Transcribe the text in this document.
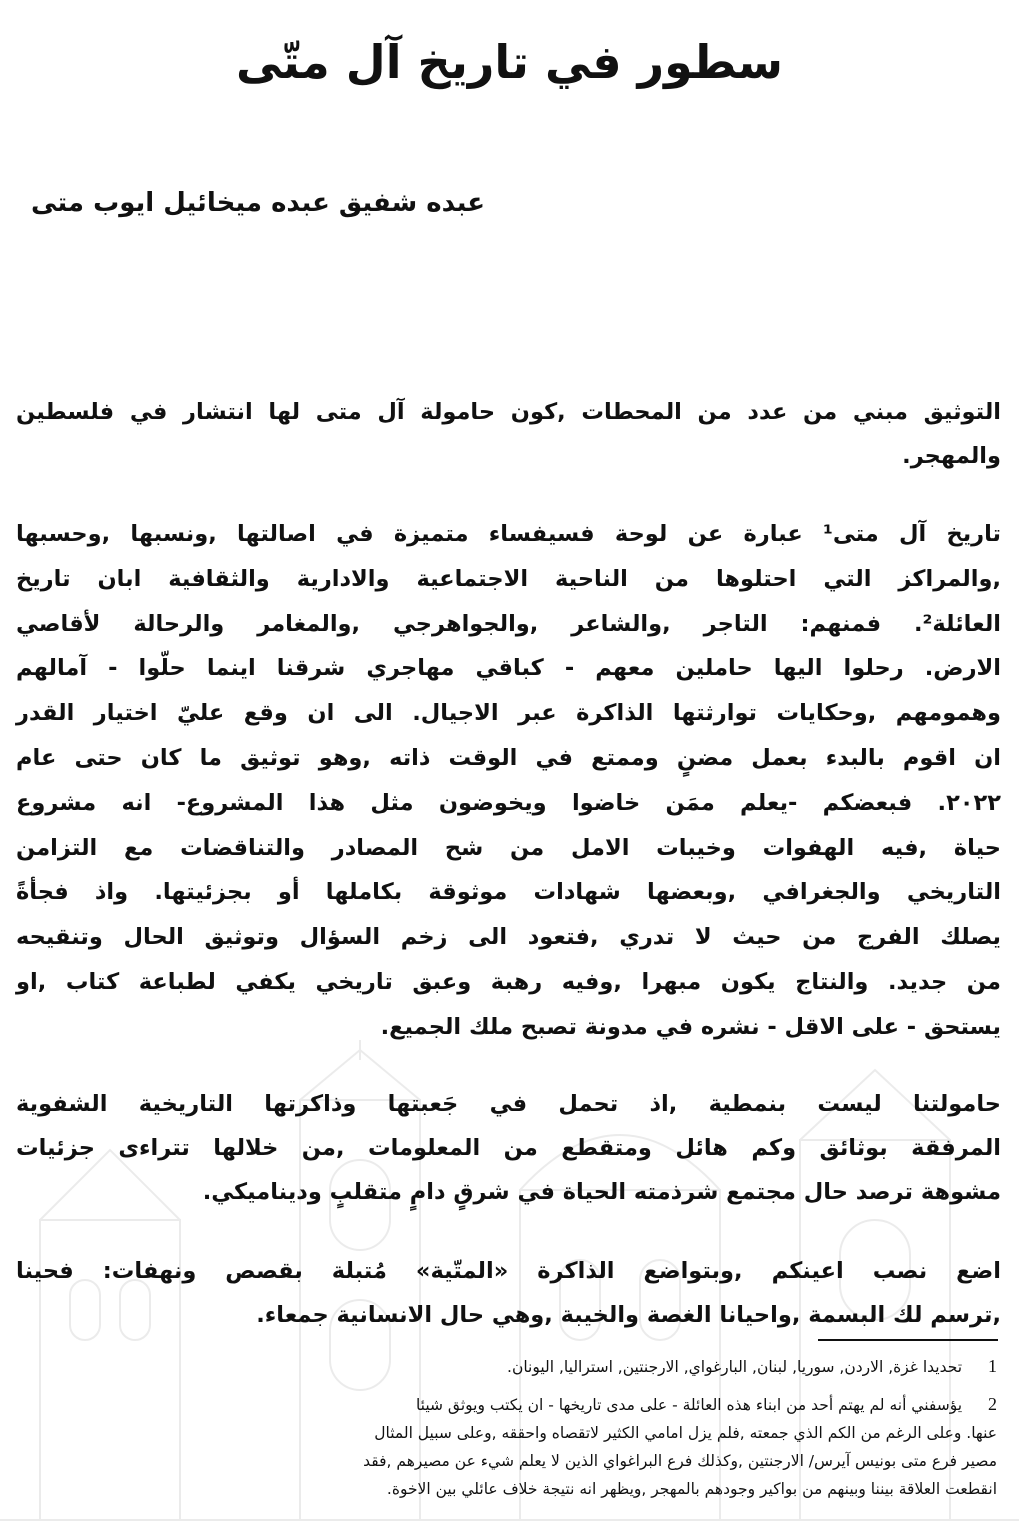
سطور في تاريخ آل متّى
عبده شفيق عبده ميخائيل ايوب متى

التوثيق مبني من عدد من المحطات ,كون حامولة آل متى لها انتشار في فلسطين
والمهجر.

تاريخ آل متى¹ عبارة عن لوحة فسيفساء متميزة في اصالتها ,ونسبها ,وحسبها
,والمراكز التي احتلوها من الناحية الاجتماعية والادارية والثقافية ابان تاريخ
العائلة². فمنهم: التاجر ,والشاعر ,والجواهرجي ,والمغامر والرحالة لأقاصي
الارض. رحلوا اليها حاملين معهم - كباقي مهاجري شرقنا اينما حلّوا - آمالهم
وهمومهم ,وحكايات توارثتها الذاكرة عبر الاجيال. الى ان وقع عليّ اختيار القدر
ان اقوم بالبدء بعمل مضنٍ وممتع في الوقت ذاته ,وهو توثيق ما كان حتى عام
٢٠٢٢. فبعضكم -يعلم ممَن خاضوا ويخوضون مثل هذا المشروع- انه مشروع
حياة ,فيه الهفوات وخيبات الامل من شح المصادر والتناقضات مع التزامن
التاريخي والجغرافي ,وبعضها شهادات موثوقة بكاملها أو بجزئيتها. واذ فجأةً
يصلك الفرج من حيث لا تدري ,فتعود الى زخم السؤال وتوثيق الحال وتنقيحه
من جديد. والنتاج يكون مبهرا ,وفيه رهبة وعبق تاريخي يكفي لطباعة كتاب ,او
يستحق - على الاقل - نشره في مدونة تصبح ملك الجميع.

حامولتنا ليست بنمطية ,اذ تحمل في جَعبتها وذاكرتها التاريخية الشفوية
المرفقة بوثائق وكم هائل ومتقطع من المعلومات ,من خلالها تتراءى جزئيات
مشوهة ترصد حال مجتمع شرذمته الحياة في شرقٍ دامٍ متقلبٍ وديناميكي.

اضع نصب اعينكم ,وبتواضع الذاكرة «المتّية» مُتبلة بقصص ونهفات: فحينا
,ترسم لك البسمة ,واحيانا الغصة والخيبة ,وهي حال الانسانية جمعاء.

1 تحديدا غزة, الاردن, سوريا, لبنان, البارغواي, الارجنتين, استراليا, اليونان.
2 يؤسفني أنه لم يهتم أحد من ابناء هذه العائلة - على مدى تاريخها - ان يكتب ويوثق شيئا
عنها. وعلى الرغم من الكم الذي جمعته ,فلم يزل امامي الكثير لاتقصاه واحققه ,وعلى سبيل المثال
مصير فرع متى بونيس آيرس/ الارجنتين ,وكذلك فرع البراغواي الذين لا يعلم شيء عن مصيرهم ,فقد
انقطعت العلاقة بيننا وبينهم من بواكير وجودهم بالمهجر ,ويظهر انه نتيجة خلاف عائلي بين الاخوة.
